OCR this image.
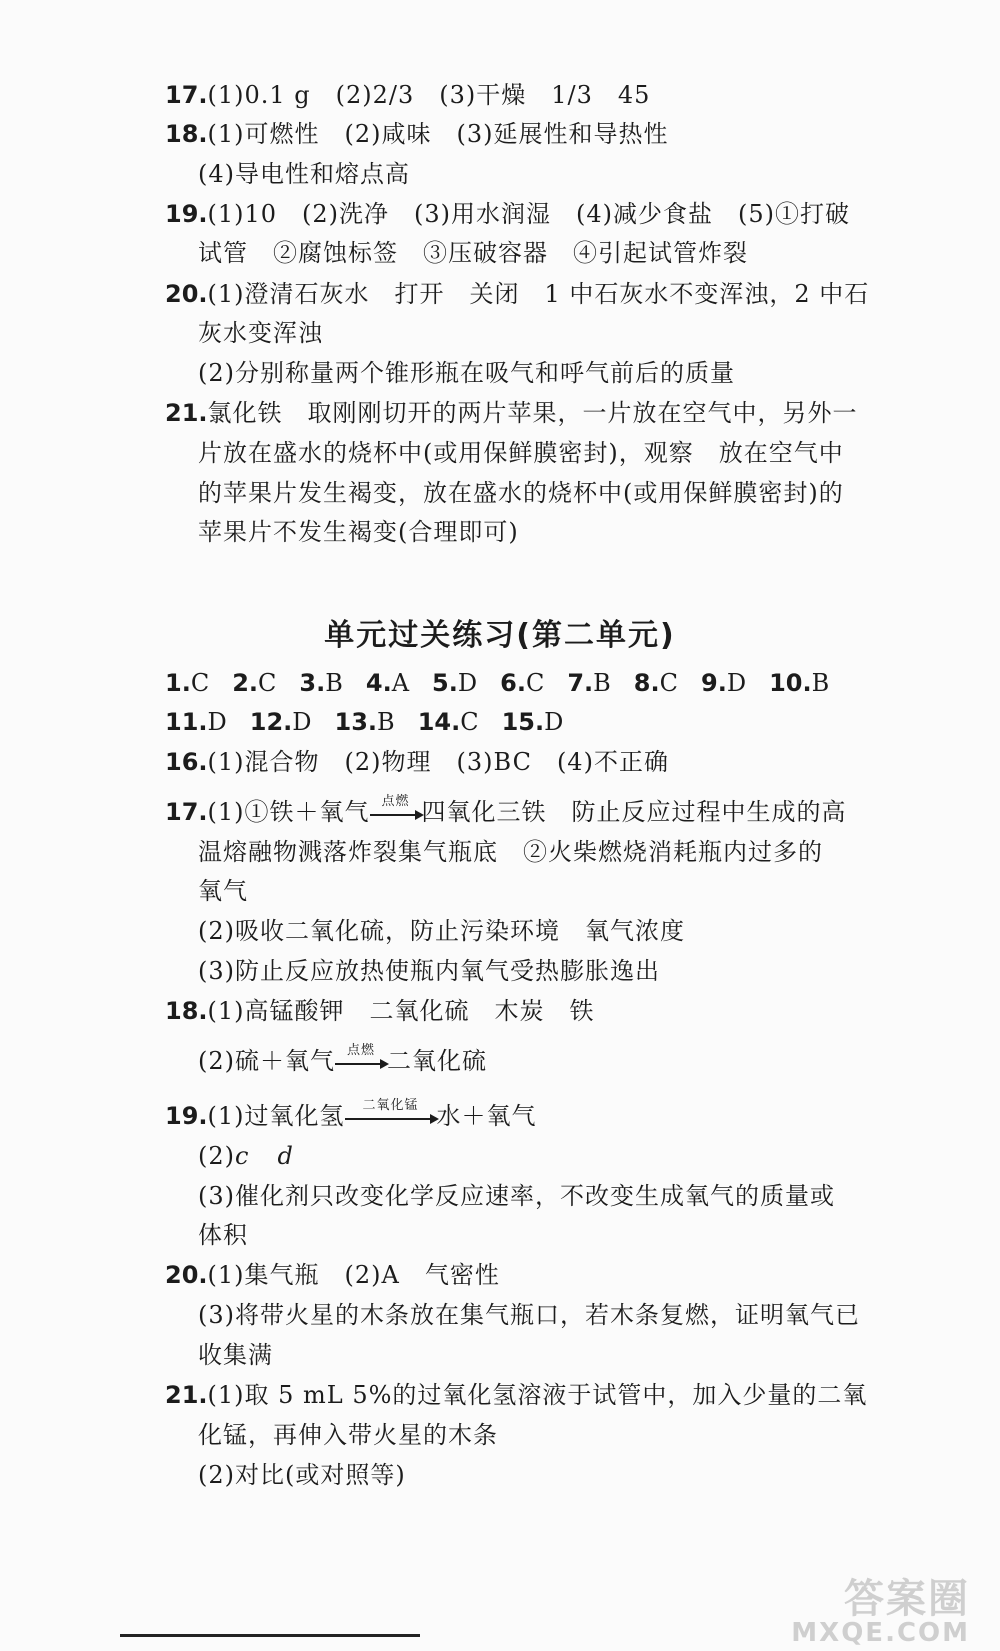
17.(1)0.1 g　(2)2/3　(3)干燥　1/3　45
18.(1)可燃性　(2)咸味　(3)延展性和导热性
(4)导电性和熔点高
19.(1)10　(2)洗净　(3)用水润湿　(4)减少食盐　(5)①打破
试管　②腐蚀标签　③压破容器　④引起试管炸裂
20.(1)澄清石灰水　打开　关闭　1 中石灰水不变浑浊，2 中石
灰水变浑浊
(2)分别称量两个锥形瓶在吸气和呼气前后的质量
21.氯化铁　取刚刚切开的两片苹果，一片放在空气中，另外一
片放在盛水的烧杯中(或用保鲜膜密封)，观察　放在空气中
的苹果片发生褐变，放在盛水的烧杯中(或用保鲜膜密封)的
苹果片不发生褐变(合理即可)
单元过关练习(第二单元)
1.C 2.C 3.B 4.A 5.D 6.C 7.B 8.C 9.D 10.B
11.D 12.D 13.B 14.C 15.D
16.(1)混合物　(2)物理　(3)BC　(4)不正确
17.(1)①铁＋氧气 点燃 四氧化三铁　防止反应过程中生成的高
温熔融物溅落炸裂集气瓶底　②火柴燃烧消耗瓶内过多的
氧气
(2)吸收二氧化硫，防止污染环境　氧气浓度
(3)防止反应放热使瓶内氧气受热膨胀逸出
18.(1)高锰酸钾　二氧化硫　木炭　铁
(2)硫＋氧气 点燃 二氧化硫
19.(1)过氧化氢	二氧化锰 水＋氧气
(2)c d
(3)催化剂只改变化学反应速率，不改变生成氧气的质量或
体积
20.(1)集气瓶　(2)A　气密性
(3)将带火星的木条放在集气瓶口，若木条复燃，证明氧气已
收集满
21.(1)取 5 mL 5%的过氧化氢溶液于试管中，加入少量的二氧
化锰，再伸入带火星的木条
(2)对比(或对照等)
答案圈
MXQE.COM
